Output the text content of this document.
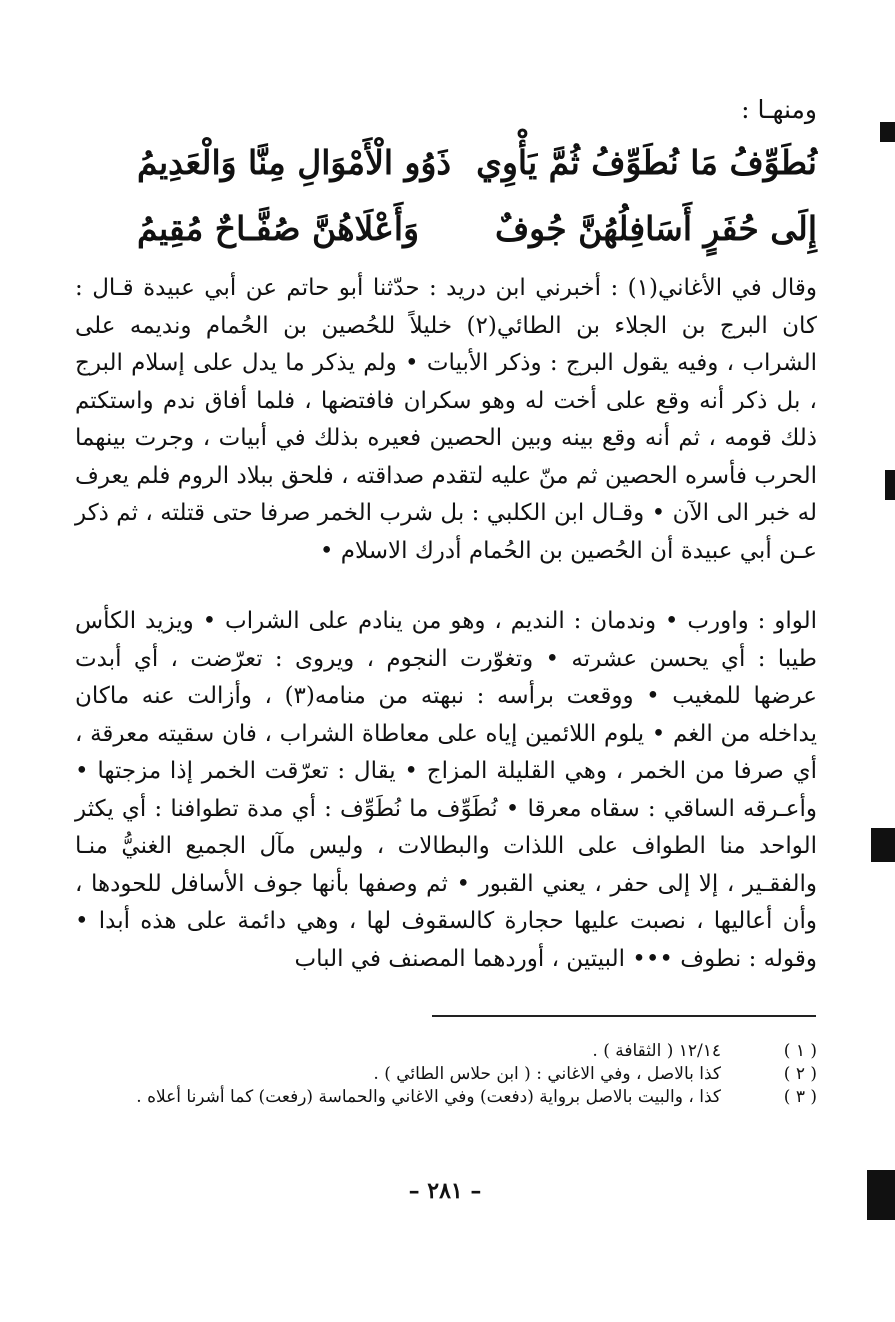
ومنهـا :
نُطَوِّفُ مَا نُطَوِّفُ ثُمَّ يَأْوِي
ذَوُو الْأَمْوَالِ مِنَّا وَالْعَدِيمُ
إِلَى حُفَرٍ أَسَافِلُهُنَّ جُوفٌ
وَأَعْلَاهُنَّ صُفَّـاحٌ مُقِيمُ

وقال في الأغاني(١) : أخبرني ابن دريد : حدّثنا أبو حاتم عن أبي عبيدة قـال : كان البرج بن الجلاء بن الطائي(٢) خليلاً للحُصين بن الحُمام ونديمه على الشراب ، وفيه يقول البرج : وذكر الأبيات • ولم يذكر ما يدل على إسلام البرج ، بل ذكر أنه وقع على أخت له وهو سكران فافتضها ، فلما أفاق ندم واستكتم ذلك قومه ، ثم أنه وقع بينه وبين الحصين فعيره بذلك في أبيات ، وجرت بينهما الحرب فأسره الحصين ثم منّ عليه لتقدم صداقته ، فلحق ببلاد الروم فلم يعرف له خبر الى الآن • وقـال ابن الكلبي : بل شرب الخمر صرفا حتى قتلته ، ثم ذكر عـن أبي عبيدة أن الحُصين بن الحُمام أدرك الاسلام •

الواو : واورب • وندمان : النديم ، وهو من ينادم على الشراب • ويزيد الكأس طيبا : أي يحسن عشرته • وتغوّرت النجوم ، ويروى : تعرّضت ، أي أبدت عرضها للمغيب • ووقعت برأسه : نبهته من منامه(٣) ، وأزالت عنه ماكان يداخله من الغم • يلوم اللائمين إياه على معاطاة الشراب ، فان سقيته معرقة ، أي صرفا من الخمر ، وهي القليلة المزاج • يقال : تعرّقت الخمر إذا مزجتها • وأعـرقه الساقي : سقاه معرقا • نُطَوِّف ما نُطَوِّف : أي مدة تطوافنا : أي يكثر الواحد منا الطواف على اللذات والبطالات ، وليس مآل الجميع الغنيُّ منـا والفقـير ، إلا إلى حفر ، يعني القبور • ثم وصفها بأنها جوف الأسافل للحودها ، وأن أعاليها ، نصبت عليها حجارة كالسقوف لها ، وهي دائمة على هذه أبدا • وقوله : نطوف ••• البيتين ، أوردهما المصنف في الباب

( ١ )
١٢/١٤ ( الثقافة ) .
( ٢ )
كذا بالاصل ، وفي الاغاني : ( ابن حلاس الطائي ) .
( ٣ )
كذا ، والبيت بالاصل برواية (دفعت) وفي الاغاني والحماسة (رفعت) كما أشرنا أعلاه .
– ٢٨١ –
